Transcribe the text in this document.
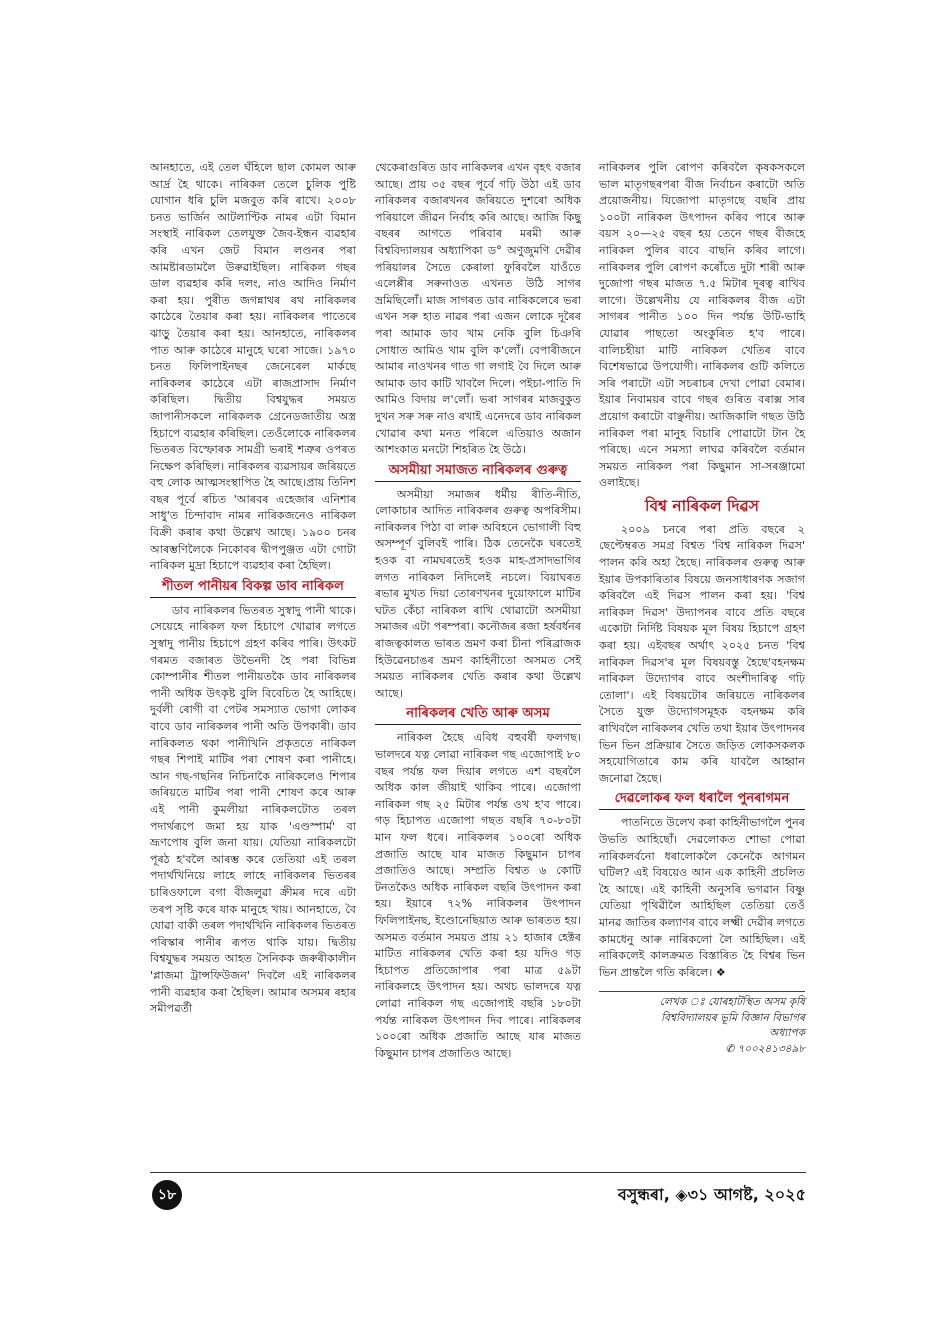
আনহাতে, এই তেল ঘঁহিলে ছাল কোমল আৰু আৰ্দ্ৰ হৈ থাকে। নাৰিকল তেলে চুলিক পুষ্টি যোগান ধৰি চুলি মজবুত কৰি ৰাখে। ২০০৮ চনত ভাৰ্জিন আটলাণ্টিক নামৰ এটা বিমান সংস্থাই নাৰিকল তেলযুক্ত জৈব-ইন্ধন ব্যৱহাৰ কৰি এখন জেট বিমান লণ্ডনৰ পৰা আমষ্টাৰডামলৈ উৰুৱাইছিল। নাৰিকল গছৰ ডাল ব্যৱহাৰ কৰি দলং, নাও আদিও নিৰ্মাণ কৰা হয়। পুৰীত জগন্নাথৰ ৰথ নাৰিকলৰ কাঠেৰে তৈয়াৰ কৰা হয়। নাৰিকলৰ পাতেৰে ঝাড়ু তৈয়াৰ কৰা হয়। আনহাতে, নাৰিকলৰ পাত আৰু কাঠেৰে মানুহে ঘৰো সাজে। ১৯৭০ চনত ফিলিপাইনছৰ জেনেৰেল মাৰ্কছে নাৰিকলৰ কাঠেৰে এটা ৰাজপ্ৰাসাদ নিৰ্মাণ কৰিছিল। দ্বিতীয় বিশ্বযুদ্ধৰ সময়ত জাপানীসকলে নাৰিকলক গ্ৰেনেডজাতীয় অস্ত্ৰ হিচাপে ব্যৱহাৰ কৰিছিল। তেওঁলোকে নাৰিকলৰ ভিতৰত বিস্ফোৰক সামগ্ৰী ভৰাই শত্ৰুৰ ওপৰত নিক্ষেপ কৰিছিল। নাৰিকলৰ ব্যৱসায়ৰ জৰিয়তে বহু লোক আত্মসংস্থাপিত হৈ আছে।প্ৰায় তিনিশ বছৰ পূৰ্বে ৰচিত 'আৰবৰ এহেজাৰ এনিশাৰ সাধু'ত চিন্দাবাদ নামৰ নাৰিকজনেও নাৰিকল বিক্ৰী কৰাৰ কথা উল্লেখ আছে। ১৯০০ চনৰ আৰম্ভণিলৈকে নিকোবৰ দ্বীপপুঞ্জত এটা গোটা নাৰিকল মুদ্ৰা হিচাপে ব্যৱহাৰ কৰা হৈছিল।

শীতল পানীয়ৰ বিকল্প ডাব নাৰিকল

ডাব নাৰিকলৰ ভিতৰত সুস্বাদু পানী থাকে। সেয়েহে নাৰিকল ফল হিচাপে খোৱাৰ লগতে সুস্বাদু পানীয় হিচাপে গ্ৰহণ কৰিব পাৰি। উৎকট গৰমত বজাৰত উভৈনদী হৈ পৰা বিভিন্ন কোম্পানীৰ শীতল পানীয়তকৈ ডাব নাৰিকলৰ পানী অধিক উৎকৃষ্ট বুলি বিবেচিত হৈ আহিছে। দুৰ্বলী ৰোগী বা পেটৰ সমস্যাত ভোগা লোকৰ বাবে ডাব নাৰিকলৰ পানী অতি উপকাৰী। ডাব নাৰিকলত থকা পানীখিনি প্ৰকৃততে নাৰিকল গছৰ শিপাই মাটিৰ পৰা শোষণ কৰা পানীহে। আন গছ-গছনিৰ নিচিনাকৈ নাৰিকলেও শিপাৰ জৰিয়তে মাটিৰ পৰা পানী শোষণ কৰে আৰু এই পানী কুমলীয়া নাৰিকলটোত তৰল পদাৰ্থৰূপে জমা হয় যাক 'এণ্ডস্পাৰ্ম' বা ভ্ৰূণপোষ বুলি জনা যায়। যেতিয়া নাৰিকলটো পূৰঠ হ'বলৈ আৰম্ভ কৰে তেতিয়া এই তৰল পদাৰ্থখিনিয়ে লাহে লাহে নাৰিকলৰ ভিতৰৰ চাৰিওফালে বগা বীজলুৱা ক্ৰীমৰ দৰে এটা তৰপ সৃষ্টি কৰে যাক মানুহে খায়। আনহাতে, বৈ যোৱা বাকী তৰল পদাৰ্থখিনি নাৰিকলৰ ভিতৰত পৰিস্কাৰ পানীৰ ৰূপত থাকি যায়। দ্বিতীয় বিশ্বযুদ্ধৰ সময়ত আহত সৈনিকক জৰুৰীকালীন 'প্লাজমা ট্ৰান্সফিউজন' দিবলৈ এই নাৰিকলৰ পানী ব্যৱহাৰ কৰা হৈছিল। আমাৰ অসমৰ ৰহাৰ সমীপৱৰ্তী

থেকেৰাগুৰিত ডাব নাৰিকলৰ এখন বৃহৎ বজাৰ আছে। প্ৰায় ৩৫ বছৰ পূৰ্বে গঢ়ি উঠা এই ডাব নাৰিকলৰ বজাৰখনৰ জৰিয়তে দুশৰো অধিক পৰিয়ালে জীৱন নিৰ্বাহ কৰি আছে। আজি কিছু বছৰৰ আগতে পৰিবাৰ মৰমী আৰু বিশ্ববিদ্যালয়ৰ অধ্যাপিকা ড° অণুজুমণি দেৱীৰ পৰিয়ালৰ সৈতে কেৰালা ফুৰিবলৈ যাওঁতে এলেপ্পীৰ সৰুনাওত এখনত উঠি সাগৰ ভ্ৰমিছিলোঁ। মাজ সাগৰত ডাব নাৰিকলেৰে ভৰা এখন সৰু হাত নাৱৰ পৰা এজন লোকে দূৰৈৰ পৰা আমাক ডাব খাম নেকি বুলি চিঞৰি সোধাত আমিও খাম বুলি ক'লোঁ। বেপাৰীজনে আমাৰ নাওখনৰ গাত গা লগাই বৈ দিলে আৰু আমাক ডাব কাটি খাবলৈ দিলে। পইচা-পাতি দি আমিও বিদায় ল'লোঁ। ভৰা সাগৰৰ মাজবুকুত দুখন সৰু সৰু নাও ৰখাই এনেদৰে ডাব নাৰিকল খোৱাৰ কথা মনত পৰিলে এতিয়াও অজান আশংকাত মনটো শিহৰিত হৈ উঠে।

অসমীয়া সমাজত নাৰিকলৰ গুৰুত্ব

অসমীয়া সমাজৰ ধৰ্মীয় ৰীতি-নীতি, লোকাচাৰ আদিত নাৰিকলৰ গুৰুত্ব অপৰিসীম। নাৰিকলৰ পিঠা বা লাৰু অবিহনে ভোগালী বিহু অসম্পূৰ্ণ বুলিবই পাৰি। ঠিক তেনেকৈ ঘৰতেই হওক বা নামঘৰতেই হওক মাহ-প্ৰসাদভাগিৰ লগত নাৰিকল নিদিলেই নচলে। বিয়াঘৰত ৰভাৰ মুখত দিয়া তোৰণখনৰ দুয়োফালে মাটিৰ ঘটত কেঁচা নাৰিকল ৰাখি থোৱাটো অসমীয়া সমাজৰ এটা পৰম্পৰা। কনৌজৰ ৰজা হৰ্ষবৰ্ধনৰ ৰাজত্বকালত ভাৰত ভ্ৰমণ কৰা চীনা পৰিব্ৰাজক হিউৱেনচাঙৰ ভ্ৰমণ কাহিনীতো অসমত সেই সময়ত নাৰিকলৰ খেতি কৰাৰ কথা উল্লেখ আছে।

নাৰিকলৰ খেতি আৰু অসম

নাৰিকল হৈছে এবিধ বহুবৰ্ষী ফলগছ। ভালদৰে যত্ন লোৱা নাৰিকল গছ এজোপাই ৮০ বছৰ পৰ্যন্ত ফল দিয়াৰ লগতে এশ বছৰলৈ অধিক কাল জীয়াই থাকিব পাৰে। এজোপা নাৰিকল গছ ২৫ মিটাৰ পৰ্যন্ত ওখ হ'ব পাৰে। গড় হিচাপত এজোপা গছত বছৰি ৭০-৮০টা মান ফল ধৰে। নাৰিকলৰ ১০০ৰো অধিক প্ৰজাতি আছে যাৰ মাজত কিছুমান চাপৰ প্ৰজাতিও আছে। সম্প্ৰতি বিশ্বত ৬ কোটি টনতকৈও অধিক নাৰিকল বছৰি উৎপাদন কৰা হয়। ইয়াৰে ৭২% নাৰিকলৰ উৎপাদন ফিলিপাইনছ, ইণ্ডোনেছিয়াত আৰু ভাৰতত হয়। অসমত বৰ্তমান সময়ত প্ৰায় ২১ হাজাৰ হেক্টৰ মাটিত নাৰিকলৰ খেতি কৰা হয় যদিও গড় হিচাপত প্ৰতিজোপাৰ পৰা মাত্ৰ ৫৯টা নাৰিকলহে উৎপাদন হয়। অথচ ভালদৰে যত্ন লোৱা নাৰিকল গছ এজোপাই বছৰি ১৮০টা পৰ্যন্ত নাৰিকল উৎপাদন দিব পাৰে। নাৰিকলৰ ১০০ৰো অধিক প্ৰজাতি আছে যাৰ মাজত কিছুমান চাপৰ প্ৰজাতিও আছে।

নাৰিকলৰ পুলি ৰোপণ কৰিবলৈ কৃষকসকলে ভাল মাতৃগছৰপৰা বীজ নিৰ্বাচন কৰাটো অতি প্ৰয়োজনীয়। যিজোপা মাতৃগছে বছৰি প্ৰায় ১০০টা নাৰিকল উৎপাদন কৰিব পাৰে আৰু বয়স ২০—২৫ বছৰ হয় তেনে গছৰ বীজহে নাৰিকল পুলিৰ বাবে বাছনি কৰিব লাগে। নাৰিকলৰ পুলি ৰোপণ কৰোঁতে দুটা শাৰী আৰু দুজোপা গছৰ মাজত ৭.৫ মিটাৰ দূৰত্ব ৰাখিব লাগে। উল্লেখনীয় যে নাৰিকলৰ বীজ এটা সাগৰৰ পানীত ১০০ দিন পৰ্যন্ত উটি-ভাহি যোৱাৰ পাছতো অংকুৰিত হ'ব পাৰে। বালিচহীয়া মাটি নাৰিকল খেতিৰ বাবে বিশেষভাৱে উপযোগী। নাৰিকলৰ গুটি কলিতে সৰি পৰাটো এটা সচৰাচৰ দেখা পোৱা বেমাৰ। ইয়াৰ নিবাময়ৰ বাবে গছৰ গুৰিত বৰাক্স সাৰ প্ৰয়োগ কৰাটো বাঞ্ছনীয়। আজিকালি গছত উঠি নাৰিকল পৰা মানুহ বিচাৰি পোৱাটো টান হৈ পৰিছে। এনে সমস্যা লাঘৱ কৰিবলৈ বৰ্তমান সময়ত নাৰিকল পৰা কিছুমান সা-সৰঞ্জামো ওলাইছে।

বিশ্ব নাৰিকল দিৱস

২০০৯ চনৰে পৰা প্ৰতি বছৰে ২ ছেপ্টেম্বৰত সমগ্ৰ বিশ্বত 'বিশ্ব নাৰিকল দিৱস' পালন কৰি অহা হৈছে। নাৰিকলৰ গুৰুত্ব আৰু ইয়াৰ উপকাৰিতাৰ বিষয়ে জনসাধাৰণক সজাগ কৰিবলৈ এই দিৱস পালন কৰা হয়। 'বিশ্ব নাৰিকল দিৱস' উদ্যাপনৰ বাবে প্ৰতি বছৰে একোটা নিৰ্দিষ্ট বিষয়ক মূল বিষয় হিচাপে গ্ৰহণ কৰা হয়। এইবছৰ অৰ্থাৎ ২০২৫ চনত 'বিশ্ব নাৰিকল দিৱস'ৰ মূল বিষয়বস্তু হৈছে'বহনক্ষম নাৰিকল উদ্যোগৰ বাবে অংশীদাৰিত্ব গঢ়ি তোলা'। এই বিষয়টোৰ জৰিয়তে নাৰিকলৰ সৈতে যুক্ত উদ্যোগসমূহক বহনক্ষম কৰি ৰাখিবলৈ নাৰিকলৰ খেতি তথা ইয়াৰ উৎপাদনৰ ভিন ভিন প্ৰক্ৰিয়াৰ সৈতে জড়িত লোকসকলক সহযোগিতাৰে কাম কৰি যাবলৈ আহ্বান জনোৱা হৈছে।

দেৱলোকৰ ফল ধৰালৈ পুনৰাগমন

পাতনিতে উলেখ কৰা কাহিনীভাগলৈ পুনৰ উভতি আহিছোঁ। দেৱলোকত শোভা পোৱা নাৰিকলৰ্বনো ধৰালোকলৈ কেনেকৈ আগমন ঘটিল? এই বিষয়েও আন এক কাহিনী প্ৰচলিত হৈ আছে। এই কাহিনী অনুসৰি ভগৱান বিষ্ণু যেতিয়া পৃথিৱীলৈ আহিছিল তেতিয়া তেওঁ মানৱ জাতিৰ কল্যাণৰ বাবে লক্ষ্মী দেৱীৰ লগতে কামধেনু আৰু নাৰিকলো লৈ আহিছিল। এই নাৰিকলেই কালক্ৰমত বিস্তাৰিত হৈ বিশ্বৰ ভিন ভিন প্ৰান্তলৈ গতি কৰিলে। ❖

লেখক ঃ যোৰহাটস্থিত অসম কৃষি
বিশ্ববিদ্যালয়ৰ ভূমি বিজ্ঞান বিভাগৰ
অধ্যাপক
✆ ৭০০২৪১৩৪৯৮
১৮	বসুন্ধৰা, ◈৩১ আগষ্ট, ২০২৫
